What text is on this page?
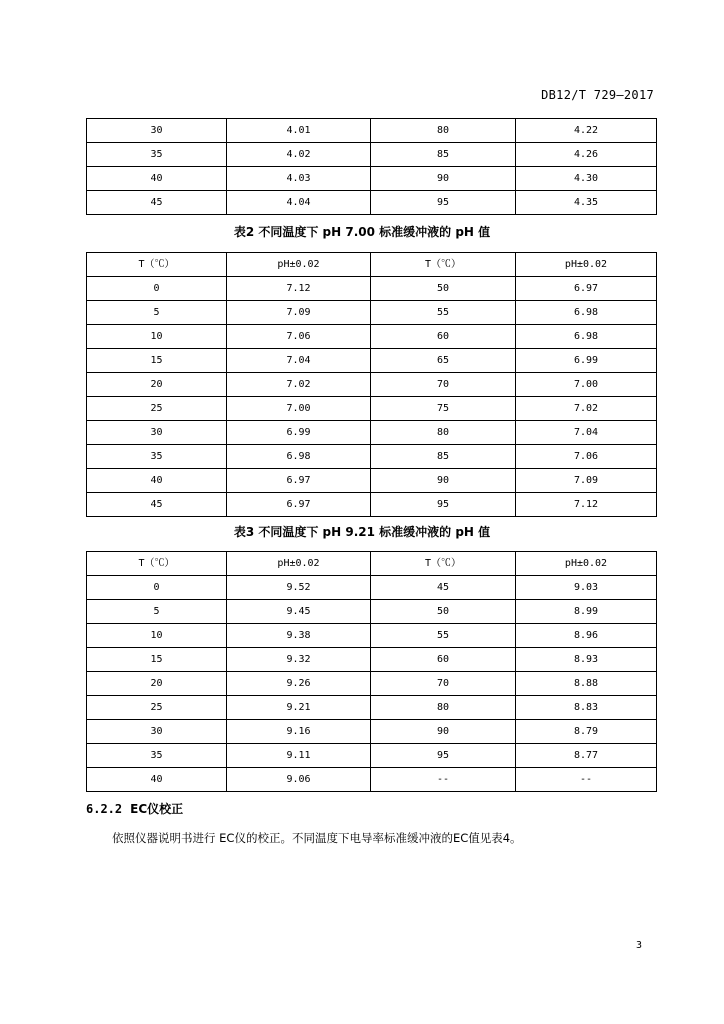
DB12/T 729—2017
30	4.01	80	4.22
35	4.02	85	4.26
40	4.03	90	4.30
45	4.04	95	4.35
表2 不同温度下 pH 7.00 标准缓冲液的 pH 值
T（℃）	pH±0.02	T（℃）	pH±0.02
0	7.12	50	6.97
5	7.09	55	6.98
10	7.06	60	6.98
15	7.04	65	6.99
20	7.02	70	7.00
25	7.00	75	7.02
30	6.99	80	7.04
35	6.98	85	7.06
40	6.97	90	7.09
45	6.97	95	7.12
表3 不同温度下 pH 9.21 标准缓冲液的 pH 值
T（℃）	pH±0.02	T（℃）	pH±0.02
0	9.52	45	9.03
5	9.45	50	8.99
10	9.38	55	8.96
15	9.32	60	8.93
20	9.26	70	8.88
25	9.21	80	8.83
30	9.16	90	8.79
35	9.11	95	8.77
40	9.06	--	--
6.2.2 EC仪校正
依照仪器说明书进行 EC仪的校正。不同温度下电导率标准缓冲液的EC值见表4。
3
